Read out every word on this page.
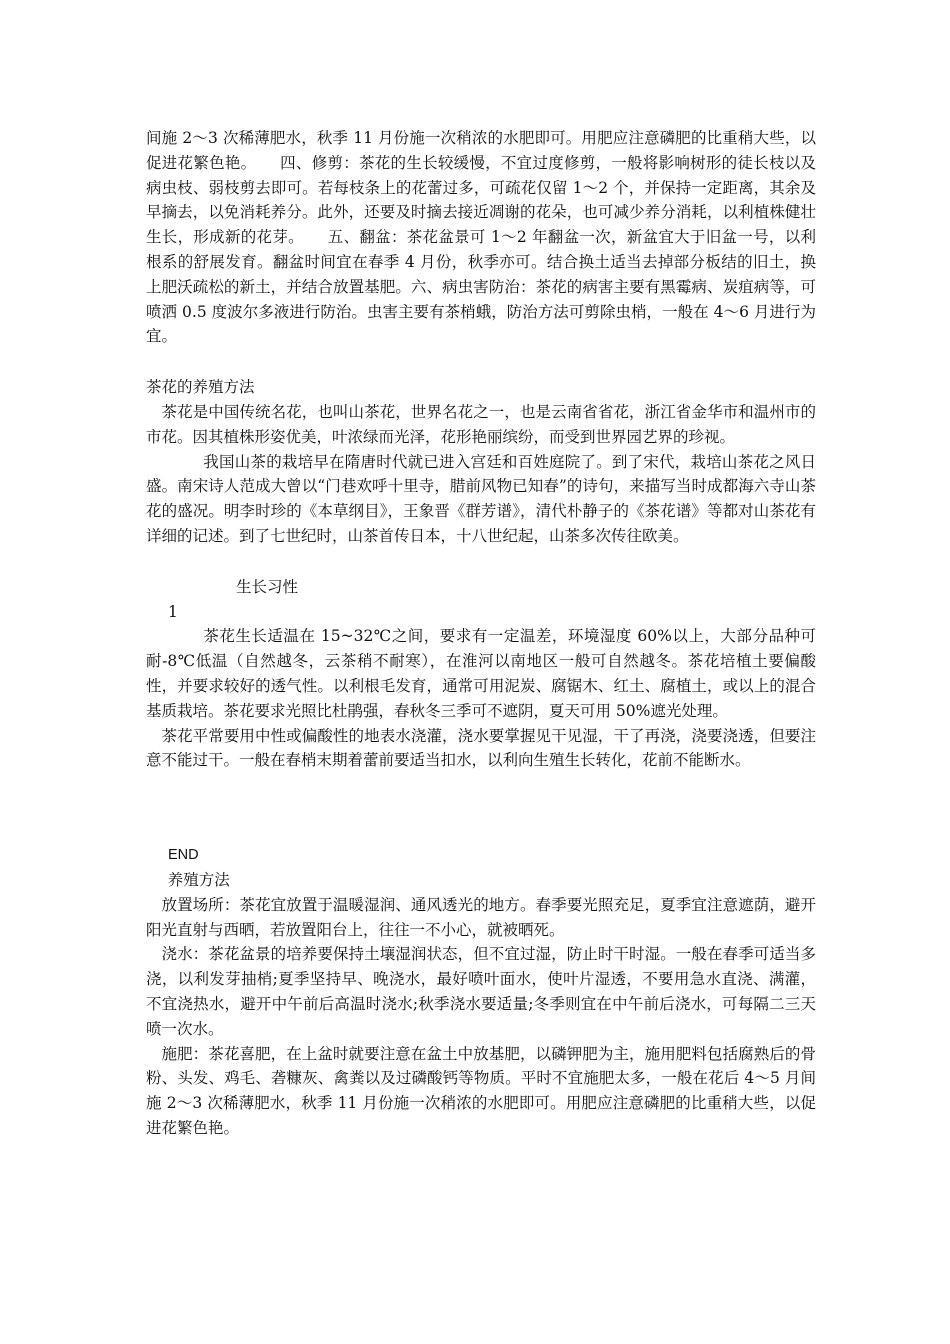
间施 2～3 次稀薄肥水，秋季 11 月份施一次稍浓的水肥即可。用肥应注意磷肥的比重稍大些，以促进花繁色艳。　　四、修剪：茶花的生长较缓慢，不宜过度修剪，一般将影响树形的徒长枝以及病虫枝、弱枝剪去即可。若每枝条上的花蕾过多，可疏花仅留 1～2 个，并保持一定距离，其余及早摘去，以免消耗养分。此外，还要及时摘去接近凋谢的花朵，也可减少养分消耗，以利植株健壮生长，形成新的花芽。　　五、翻盆：茶花盆景可 1～2 年翻盆一次，新盆宜大于旧盆一号，以利根系的舒展发育。翻盆时间宜在春季 4 月份，秋季亦可。结合换土适当去掉部分板结的旧土，换上肥沃疏松的新土，并结合放置基肥。六、病虫害防治：茶花的病害主要有黑霉病、炭疽病等，可喷洒 0.5 度波尔多液进行防治。虫害主要有茶梢蛾，防治方法可剪除虫梢，一般在 4～6 月进行为宜。

茶花的养殖方法

茶花是中国传统名花，也叫山茶花，世界名花之一，也是云南省省花，浙江省金华市和温州市的市花。因其植株形姿优美，叶浓绿而光泽，花形艳丽缤纷，而受到世界园艺界的珍视。

我国山茶的栽培早在隋唐时代就已进入宫廷和百姓庭院了。到了宋代，栽培山茶花之风日盛。南宋诗人范成大曾以“门巷欢呼十里寺，腊前风物已知春”的诗句，来描写当时成都海六寺山茶花的盛况。明李时珍的《本草纲目》，王象晋《群芳谱》，清代朴静子的《茶花谱》等都对山茶花有详细的记述。到了七世纪时，山茶首传日本，十八世纪起，山茶多次传往欧美。

生长习性

1

茶花生长适温在 15~32℃之间，要求有一定温差，环境湿度 60%以上，大部分品种可耐-8℃低温（自然越冬，云茶稍不耐寒），在淮河以南地区一般可自然越冬。茶花培植土要偏酸性，并要求较好的透气性。以利根毛发育，通常可用泥炭、腐锯木、红土、腐植土，或以上的混合基质栽培。茶花要求光照比杜鹃强，春秋冬三季可不遮阴，夏天可用 50%遮光处理。

茶花平常要用中性或偏酸性的地表水浇灌，浇水要掌握见干见湿，干了再浇，浇要浇透，但要注意不能过干。一般在春梢末期着蕾前要适当扣水，以利向生殖生长转化，花前不能断水。

END

养殖方法

放置场所：茶花宜放置于温暖湿润、通风透光的地方。春季要光照充足，夏季宜注意遮荫，避开阳光直射与西晒，若放置阳台上，往往一不小心，就被晒死。

浇水：茶花盆景的培养要保持土壤湿润状态，但不宜过湿，防止时干时湿。一般在春季可适当多浇，以利发芽抽梢;夏季坚持早、晚浇水，最好喷叶面水，使叶片湿透，不要用急水直浇、满灌，不宜浇热水，避开中午前后高温时浇水;秋季浇水要适量;冬季则宜在中午前后浇水，可每隔二三天喷一次水。

施肥：茶花喜肥，在上盆时就要注意在盆土中放基肥，以磷钾肥为主，施用肥料包括腐熟后的骨粉、头发、鸡毛、砻糠灰、禽粪以及过磷酸钙等物质。平时不宜施肥太多，一般在花后 4～5 月间施 2～3 次稀薄肥水，秋季 11 月份施一次稍浓的水肥即可。用肥应注意磷肥的比重稍大些，以促进花繁色艳。
